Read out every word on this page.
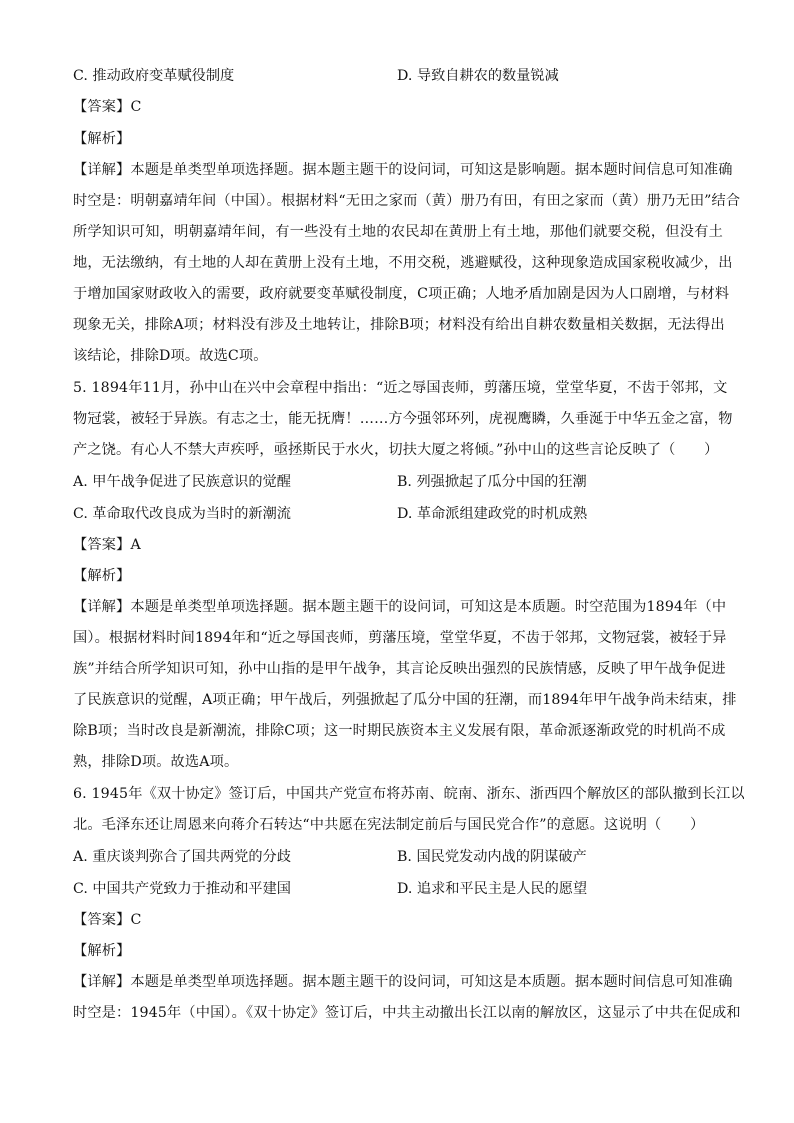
C. 推动政府变革赋役制度	D. 导致自耕农的数量锐减
【答案】C
【解析】
【详解】本题是单类型单项选择题。据本题主题干的设问词，可知这是影响题。据本题时间信息可知准确
时空是：明朝嘉靖年间（中国）。根据材料“无田之家而（黄）册乃有田，有田之家而（黄）册乃无田”结合
所学知识可知，明朝嘉靖年间，有一些没有土地的农民却在黄册上有土地，那他们就要交税，但没有土
地，无法缴纳，有土地的人却在黄册上没有土地，不用交税，逃避赋役，这种现象造成国家税收减少，出
于增加国家财政收入的需要，政府就要变革赋役制度，C项正确；人地矛盾加剧是因为人口剧增，与材料
现象无关，排除A项；材料没有涉及土地转让，排除B项；材料没有给出自耕农数量相关数据，无法得出
该结论，排除D项。故选C项。
5. 1894年11月，孙中山在兴中会章程中指出：“近之辱国丧师，剪藩压境，堂堂华夏，不齿于邻邦，文
物冠裳，被轻于异族。有志之士，能无抚膺！……方今强邻环列，虎视鹰瞵，久垂涎于中华五金之富，物
产之饶。有心人不禁大声疾呼，亟拯斯民于水火，切扶大厦之将倾。”孙中山的这些言论反映了（　　）
A. 甲午战争促进了民族意识的觉醒	B. 列强掀起了瓜分中国的狂潮
C. 革命取代改良成为当时的新潮流	D. 革命派组建政党的时机成熟
【答案】A
【解析】
【详解】本题是单类型单项选择题。据本题主题干的设问词，可知这是本质题。时空范围为1894年（中
国）。根据材料时间1894年和“近之辱国丧师，剪藩压境，堂堂华夏，不齿于邻邦，文物冠裳，被轻于异
族”并结合所学知识可知，孙中山指的是甲午战争，其言论反映出强烈的民族情感，反映了甲午战争促进
了民族意识的觉醒，A项正确；甲午战后，列强掀起了瓜分中国的狂潮，而1894年甲午战争尚未结束，排
除B项；当时改良是新潮流，排除C项；这一时期民族资本主义发展有限，革命派逐渐政党的时机尚不成
熟，排除D项。故选A项。
6. 1945年《双十协定》签订后，中国共产党宣布将苏南、皖南、浙东、浙西四个解放区的部队撤到长江以
北。毛泽东还让周恩来向蒋介石转达“中共愿在宪法制定前后与国民党合作”的意愿。这说明（　　）
A. 重庆谈判弥合了国共两党的分歧	B. 国民党发动内战的阴谋破产
C. 中国共产党致力于推动和平建国	D. 追求和平民主是人民的愿望
【答案】C
【解析】
【详解】本题是单类型单项选择题。据本题主题干的设问词，可知这是本质题。据本题时间信息可知准确
时空是：1945年（中国）。《双十协定》签订后，中共主动撤出长江以南的解放区，这显示了中共在促成和
